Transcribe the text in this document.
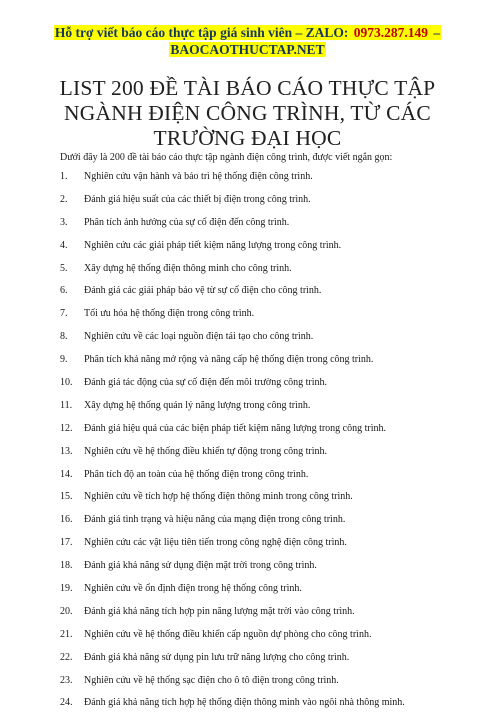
Hỗ trợ viết báo cáo thực tập giá sinh viên – ZALO: 0973.287.149 –
BAOCAOTHUCTAP.NET
LIST 200 ĐỀ TÀI BÁO CÁO THỰC TẬP NGÀNH ĐIỆN CÔNG TRÌNH, TỪ CÁC TRƯỜNG ĐẠI HỌC
Dưới đây là 200 đề tài báo cáo thực tập ngành điện công trình, được viết ngắn gọn:
1.	Nghiên cứu vận hành và bảo trì hệ thống điện công trình.
2.	Đánh giá hiệu suất của các thiết bị điện trong công trình.
3.	Phân tích ảnh hưởng của sự cố điện đến công trình.
4.	Nghiên cứu các giải pháp tiết kiệm năng lượng trong công trình.
5.	Xây dựng hệ thống điện thông minh cho công trình.
6.	Đánh giá các giải pháp bảo vệ từ sự cố điện cho công trình.
7.	Tối ưu hóa hệ thống điện trong công trình.
8.	Nghiên cứu về các loại nguồn điện tái tạo cho công trình.
9.	Phân tích khả năng mở rộng và nâng cấp hệ thống điện trong công trình.
10.	Đánh giá tác động của sự cố điện đến môi trường công trình.
11.	Xây dựng hệ thống quản lý năng lượng trong công trình.
12.	Đánh giá hiệu quả của các biện pháp tiết kiệm năng lượng trong công trình.
13.	Nghiên cứu về hệ thống điều khiển tự động trong công trình.
14.	Phân tích độ an toàn của hệ thống điện trong công trình.
15.	Nghiên cứu về tích hợp hệ thống điện thông minh trong công trình.
16.	Đánh giá tình trạng và hiệu năng của mạng điện trong công trình.
17.	Nghiên cứu các vật liệu tiên tiến trong công nghệ điện công trình.
18.	Đánh giá khả năng sử dụng điện mặt trời trong công trình.
19.	Nghiên cứu về ổn định điện trong hệ thống công trình.
20.	Đánh giá khả năng tích hợp pin năng lượng mặt trời vào công trình.
21.	Nghiên cứu về hệ thống điều khiển cấp nguồn dự phòng cho công trình.
22.	Đánh giá khả năng sử dụng pin lưu trữ năng lượng cho công trình.
23.	Nghiên cứu về hệ thống sạc điện cho ô tô điện trong công trình.
24.	Đánh giá khả năng tích hợp hệ thống điện thông minh vào ngôi nhà thông minh.
